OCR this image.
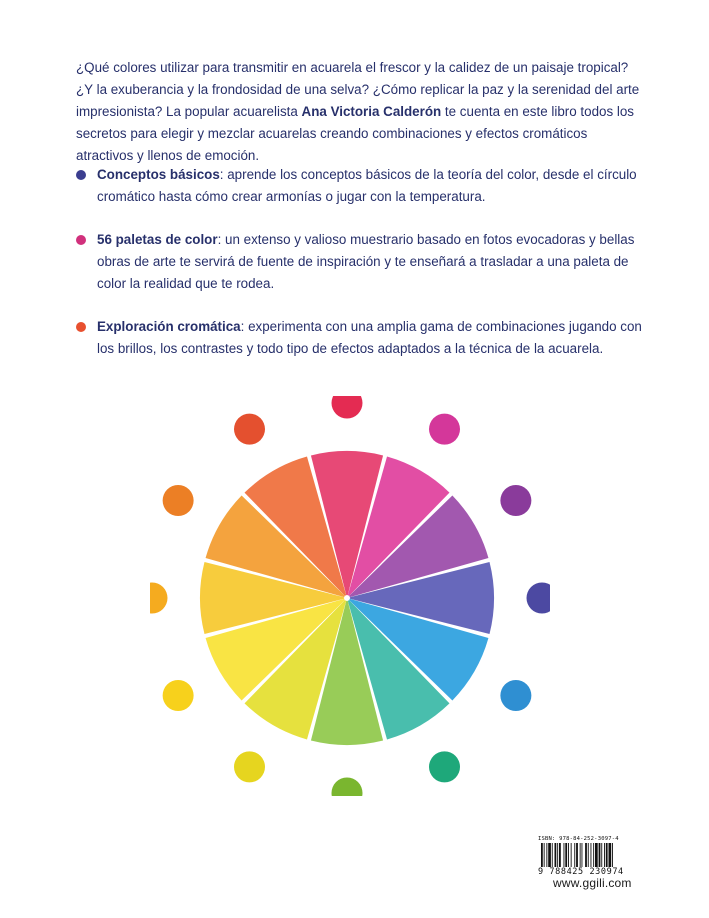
¿Qué colores utilizar para transmitir en acuarela el frescor y la calidez de un paisaje tropical? ¿Y la exuberancia y la frondosidad de una selva? ¿Cómo replicar la paz y la serenidad del arte impresionista? La popular acuarelista Ana Victoria Calderón te cuenta en este libro todos los secretos para elegir y mezclar acuarelas creando combinaciones y efectos cromáticos atractivos y llenos de emoción.

Conceptos básicos: aprende los conceptos básicos de la teoría del color, desde el círculo cromático hasta cómo crear armonías o jugar con la temperatura.
56 paletas de color: un extenso y valioso muestrario basado en fotos evocadoras y bellas obras de arte te servirá de fuente de inspiración y te enseñará a trasladar a una paleta de color la realidad que te rodea.
Exploración cromática: experimenta con una amplia gama de combinaciones jugando con los brillos, los contrastes y todo tipo de efectos adaptados a la técnica de la acuarela.
ISBN: 978-84-252-3097-4
9 788425 230974
www.ggili.com
